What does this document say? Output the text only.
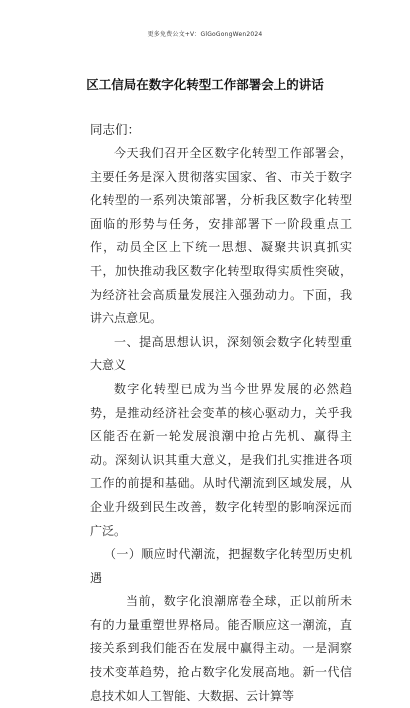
更多免费公文+V：GlGoGongWen2024
区工信局在数字化转型工作部署会上的讲话
同志们：

今天我们召开全区数字化转型工作部署会，主要任务是深入贯彻落实国家、省、市关于数字化转型的一系列决策部署，分析我区数字化转型面临的形势与任务，安排部署下一阶段重点工作，动员全区上下统一思想、凝聚共识真抓实干，加快推动我区数字化转型取得实质性突破，为经济社会高质量发展注入强劲动力。下面，我讲六点意见。

一、提高思想认识，深刻领会数字化转型重大意义

数字化转型已成为当今世界发展的必然趋势，是推动经济社会变革的核心驱动力，关乎我区能否在新一轮发展浪潮中抢占先机、赢得主动。深刻认识其重大意义，是我们扎实推进各项工作的前提和基础。从时代潮流到区域发展，从企业升级到民生改善，数字化转型的影响深远而广泛。

（一）顺应时代潮流，把握数字化转型历史机遇

当前，数字化浪潮席卷全球，正以前所未有的力量重塑世界格局。能否顺应这一潮流，直接关系到我们能否在发展中赢得主动。一是洞察技术变革趋势，抢占数字化发展高地。新一代信息技术如人工智能、大数据、云计算等
